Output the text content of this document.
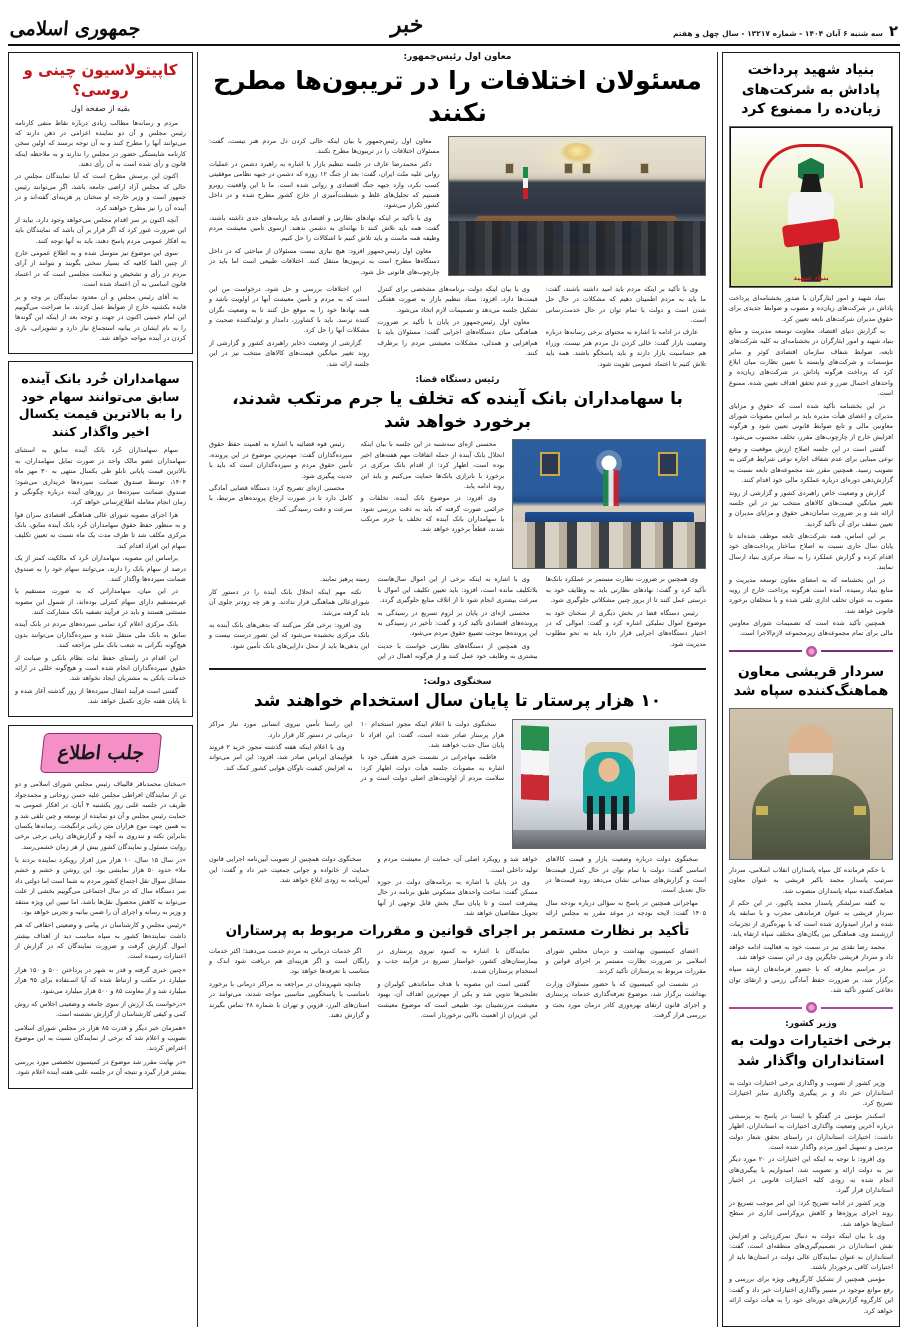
۲
سه شنبه ۶ آبان ۱۴۰۴ - شماره ۱۳۲۱۷ - سال چهل و هفتم
خبر
جمهوری اسلامی
بنیاد شهید پرداخت پاداش به شرکت‌های زیان‌ده را ممنوع کرد
بنیاد شهید

بنیاد شهید و امور ایثارگران با صدور بخشنامه‌ای پرداخت پاداش در شرکت‌های زیان‌ده و مصوب و ضوابط جدیدی برای حقوق مدیران شرکت‌های تابعه تعیین کرد.

به گزارش دنیای اقتصاد، معاونت توسعه مدیریت و منابع بنیاد شهید و امور ایثارگران در بخشنامه‌ای به کلیه شرکت‌های تابعه، ضوابط شفاف سازمان اقتصادی کوثر و سایر مؤسسات و شرکت‌های وابسته با تعیین نظارت میان ابلاغ کرد که پرداخت هرگونه پاداش در شرکت‌های زیان‌ده و واحدهای احتمال ضرر و عدم تحقق اهداف تعیین شده، ممنوع است.

در این بخشنامه تأکید شده است که حقوق و مزایای مدیران و اعضای هیأت مدیره باید بر اساس مصوبات شورای معاونین مالی و تابع ضوابط قانونی تعیین شود و هرگونه افزایش خارج از چارچوب‌های مقرر، تخلف محسوب می‌شود.

گفتنی است در این جلسه اصلاح ارزش موقعیت و وضع نوعی مبنایی برای عدم شفاف اجاره نوعی شرایط فرکتی به تصویب رسید. همچنین مقرر شد مجموعه‌های تابعه نسبت به گزارش‌دهی دوره‌ای درباره عملکرد مالی خود اقدام کنند.

گزارش و وضعیت خاص راهبردی کشور و گزارشی از روند تغییر میانگین قیمت‌های کالاهای منتخب نیز در این جلسه ارائه شد و بر ضرورت سامان‌دهی حقوق و مزایای مدیران و تعیین سقف برای آن تأکید گردید.

بر این اساس، همه شرکت‌های تابعه موظف شده‌اند تا پایان سال جاری نسبت به اصلاح ساختار پرداخت‌های خود اقدام کرده و گزارش عملکرد را به ستاد مرکزی بنیاد ارسال نمایند.

در این بخشنامه که به امضای معاون توسعه مدیریت و منابع بنیاد رسیده، آمده است هرگونه پرداخت خارج از رویه مصوب به عنوان تخلف اداری تلقی شده و با متخلفان برخورد قانونی خواهد شد.

همچنین تأکید شده است که تصمیمات شورای معاونین مالی برای تمام مجموعه‌های زیرمجموعه لازم‌الاجرا است.

سردار قریشی معاون هماهنگ‌کننده سپاه شد

با حکم فرمانده کل سپاه پاسداران انقلاب اسلامی، سردار سرتیپ پاسدار محمد یاکبر قریشی به عنوان معاون هماهنگ‌کننده سپاه پاسداران منصوب شد.

به گفته سرلشکر پاسدار محمد پاکپور، در این حکم از سردار قریشی به عنوان فرماندهی مجرب و با سابقه یاد شده و ابراز امیدواری شده است که با بهره‌گیری از تجربیات ارزشمند وی، هماهنگی بین یگان‌های مختلف سپاه ارتقاء یابد.

محمد رضا نقدی نیز در سمت خود به فعالیت ادامه خواهد داد و سردار قریشی جایگزین وی در این سمت خواهد شد.

در مراسم معارفه که با حضور فرماندهان ارشد سپاه برگزار شد، بر ضرورت حفظ آمادگی رزمی و ارتقای توان دفاعی کشور تأکید شد.

وزیر کشور:
برخی اختیارات دولت به استانداران واگذار شد

وزیر کشور از تصویب و واگذاری برخی اختیارات دولت به استانداران خبر داد و بر پیگیری واگذاری سایر اختیارات تصریح کرد.

اسکندر مؤمنی در گفتگو با ایسنا در پاسخ به پرسشی درباره آخرین وضعیت واگذاری اختیارات به استانداران، اظهار داشت: اختیارات استانداران در راستای تحقق شعار دولت مردمی و تسهیل امور مردم واگذار شده است.

وی افزود: با توجه به اینکه این اختیارات در ۲۰ مورد دیگر نیز به دولت ارائه و تصویب شد، امیدواریم با پیگیری‌های انجام شده به زودی کلیه اختیارات قانونی در اختیار استانداران قرار گیرد.

وزیر کشور در ادامه تصریح کرد: این امر موجب تسریع در روند اجرای پروژه‌ها و کاهش بروکراسی اداری در سطح استان‌ها خواهد شد.

وی با بیان اینکه دولت به دنبال تمرکززدایی و افزایش نقش استانداران در تصمیم‌گیری‌های منطقه‌ای است، گفت: استانداران به عنوان نمایندگان عالی دولت در استان‌ها باید از اختیارات کافی برخوردار باشند.

مؤمنی همچنین از تشکیل کارگروهی ویژه برای بررسی و رفع موانع موجود در مسیر واگذاری اختیارات خبر داد و گفت: این کارگروه گزارش‌های دوره‌ای خود را به هیأت دولت ارائه خواهد کرد.

معاون اول رئیس‌جمهور:
مسئولان اختلافات را در تریبون‌ها مطرح نکنند

معاون اول رئیس‌جمهور با بیان اینکه خالی کردن دل مردم هنر نیست، گفت: مسئولان اختلافات را در تریبون‌ها مطرح نکنند.

دکتر محمدرضا عارف در جلسه تنظیم بازار با اشاره به راهبرد دشمن در عملیات روانی علیه ملت ایران، گفت: بعد از جنگ ۱۲ روزه که دشمن در جبهه نظامی موفقیتی کسب نکرد، وارد جبهه جنگ اقتصادی و روانی شده است. ما با این واقعیت روبرو هستیم که تحلیل‌های غلط و شیطنت‌آمیزی از خارج کشور مطرح شده و در داخل کشور تکرار می‌شود.

وی با تأکید بر اینکه نهادهای نظارتی و اقتصادی باید برنامه‌های جدی داشته باشند، گفت: همه باید تلاش کنند تا بهانه‌ای به دشمن ندهند. ازسوی تأمین معیشت مردم وظیفه همه ماست و باید تلاش کنیم تا اشکالات را حل کنیم.

معاون اول رئیس‌جمهور افزود: هیچ نیازی نیست مسئولان از مباحثی که در داخل دستگاه‌ها مطرح است به تریبون‌ها منتقل کنند. اختلافات طبیعی است اما باید در چارچوب‌های قانونی حل شود.

وی با تأکید بر اینکه مردم باید امید داشته باشند، گفت: ما باید به مردم اطمینان دهیم که مشکلات در حال حل شدن است و دولت با تمام توان در حال خدمت‌رسانی است.

عارف در ادامه با اشاره به محتوای برخی رسانه‌ها درباره وضعیت بازار گفت: خالی کردن دل مردم هنر نیست. وزراء هم حساسیت بازار دارند و باید پاسخگو باشند. همه باید تلاش کنیم تا اعتماد عمومی تقویت شود.

وی با بیان اینکه دولت برنامه‌های مشخصی برای کنترل قیمت‌ها دارد، افزود: ستاد تنظیم بازار به صورت هفتگی تشکیل جلسه می‌دهد و تصمیمات لازم اتخاذ می‌شود.

معاون اول رئیس‌جمهور در پایان با تأکید بر ضرورت هماهنگی میان دستگاه‌های اجرایی گفت: مسئولان باید با هم‌افزایی و همدلی، مشکلات معیشتی مردم را برطرف کنند.

این اختلافات بررسی و حل شود، درخواست من این است که به مردم و تأمین معیشت آنها در اولویت باشد و همه نهادها خود را به موقع حل کنند تا به وضعیت نگران کننده نرسد. باید با کشاورز، دامدار و تولیدکننده صحبت و مشکلات آنها را حل کرد.

گزارشی از وضعیت ذخایر راهبردی کشور و گزارشی از روند تغییر میانگین قیمت‌های کالاهای منتخب نیز در این جلسه ارائه شد.

رئیس دستگاه قضا:
با سهامداران بانک آینده که تخلف یا جرم مرتکب شدند، برخورد خواهد شد

محسنی اژه‌ای سه‌شنبه در این جلسه با بیان اینکه انحلال بانک آینده از جمله اتفاقات مهم هفته‌های اخیر بوده است، اظهار کرد: از اقدام بانک مرکزی در برخورد با ناترازی بانک‌ها حمایت می‌کنیم و باید این روند ادامه یابد.

وی افزود: در موضوع بانک آینده، تخلفات و جرائمی صورت گرفته که باید به دقت بررسی شود. با سهامداران بانک آینده که تخلف یا جرم مرتکب شدند، قطعاً برخورد خواهد شد.

رئیس قوه قضائیه با اشاره به اهمیت حفظ حقوق سپرده‌گذاران گفت: مهم‌ترین موضوع در این پرونده، تأمین حقوق مردم و سپرده‌گذاران است که باید با جدیت پیگیری شود.

محسنی اژه‌ای تصریح کرد: دستگاه قضایی آمادگی کامل دارد تا در صورت ارجاع پرونده‌های مرتبط، با سرعت و دقت رسیدگی کند.

وی همچنین بر ضرورت نظارت مستمر بر عملکرد بانک‌ها تأکید کرد و گفت: نهادهای نظارتی باید به وظایف خود به درستی عمل کنند تا از بروز چنین مشکلاتی جلوگیری شود.

رئیس دستگاه قضا در بخش دیگری از سخنان خود به موضوع اموال تملیکی اشاره کرد و گفت: اموالی که در اختیار دستگاه‌های اجرایی قرار دارد باید به نحو مطلوب مدیریت شود.

وی با اشاره به اینکه برخی از این اموال سال‌هاست بلاتکلیف مانده است، افزود: باید تعیین تکلیف این اموال با سرعت بیشتری انجام شود تا از اتلاف منابع جلوگیری گردد.

محسنی اژه‌ای در پایان بر لزوم تسریع در رسیدگی به پرونده‌های اقتصادی تأکید کرد و گفت: تأخیر در رسیدگی به این پرونده‌ها موجب تضییع حقوق مردم می‌شود.

وی همچنین از دستگاه‌های نظارتی خواست با جدیت بیشتری به وظایف خود عمل کنند و از هرگونه اهمال در این زمینه پرهیز نمایند.

نکته مهم اینکه انحلال بانک آینده را در دستور کار شورای‌عالی هماهنگی قرار ندادند. و هر چه زودتر جلوی آن باید گرفته می‌شد.

وی افزود: برخی فکر می‌کنند که بدهی‌های بانک آینده به بانک مرکزی بخشیده می‌شود که این تصور درست نیست و این بدهی‌ها باید از محل دارایی‌های بانک تأمین شود.

سخنگوی دولت:
۱۰ هزار پرستار تا پایان سال استخدام خواهند شد

سخنگوی دولت با اعلام اینکه مجوز استخدام ۱۰ هزار پرستار صادر شده است، گفت: این افراد تا پایان سال جذب خواهند شد.

فاطمه مهاجرانی در نشست خبری هفتگی خود با اشاره به مصوبات جلسه هیأت دولت اظهار کرد: سلامت مردم از اولویت‌های اصلی دولت است و در این راستا تأمین نیروی انسانی مورد نیاز مراکز درمانی در دستور کار قرار دارد.

وی با اعلام اینکه هفته گذشته مجوز خرید ۲ فروند هواپیمای ایرباس صادر شد، افزود: این امر می‌تواند به افزایش کیفیت ناوگان هوایی کشور کمک کند.

سخنگوی دولت درباره وضعیت بازار و قیمت کالاهای اساسی گفت: دولت با تمام توان در حال کنترل قیمت‌ها است و گزارش‌های میدانی نشان می‌دهد روند قیمت‌ها در حال تعدیل است.

مهاجرانی همچنین در پاسخ به سؤالی درباره بودجه سال ۱۴۰۵ گفت: لایحه بودجه در موعد مقرر به مجلس ارائه خواهد شد و رویکرد اصلی آن، حمایت از معیشت مردم و تولید داخلی است.

وی در پایان با اشاره به برنامه‌های دولت در حوزه مسکن گفت: ساخت واحدهای مسکونی طبق برنامه در حال پیشرفت است و تا پایان سال بخش قابل توجهی از آنها تحویل متقاضیان خواهد شد.

سخنگوی دولت همچنین از تصویب آیین‌نامه اجرایی قانون حمایت از خانواده و جوانی جمعیت خبر داد و گفت: این آیین‌نامه به زودی ابلاغ خواهد شد.

تأکید بر نظارت مستمر بر اجرای قوانین و مقررات مربوط به پرستاران

اعضای کمیسیون بهداشت و درمان مجلس شورای اسلامی بر ضرورت نظارت مستمر بر اجرای قوانین و مقررات مربوط به پرستاران تأکید کردند.

در نشست این کمیسیون که با حضور مسئولان وزارت بهداشت برگزار شد، موضوع تعرفه‌گذاری خدمات پرستاری و اجرای قانون ارتقای بهره‌وری کادر درمان مورد بحث و بررسی قرار گرفت.

نمایندگان با اشاره به کمبود نیروی پرستاری در بیمارستان‌های کشور، خواستار تسریع در فرآیند جذب و استخدام پرستاران شدند.

گفتنی است این مصوبه با هدف ساماندهی کولبران و تعلنجی‌ها تدوین شد و یکی از مهم‌ترین اهداف آن، بهبود معیشت مرزنشینان بود. طبیعی است که موضوع معیشت این عزیزان از اهمیت بالایی برخوردار است.

اگر خدمات درمانی به مردم خدمت می‌دهند؛ اکثر خدمات رایگان است و اگر هزینه‌ای هم دریافت شود اندک و متناسب با تعرفه‌ها خواهد بود.

چنانچه شهروندان در مراجعه به مراکز درمانی با برخورد نامناسب یا پاسخگویی مناسبی مواجه شدند، می‌توانند در استان‌های البرز، قزوین و تهران با شماره ۲۸ تماس بگیرند و گزارش دهند.

کاپیتولاسیون چینی و روسی؟
بقیه از صفحه اول

مردم و رسانه‌ها مطالب زیادی درباره نقاط منفی کارنامه رئیس مجلس و آن دو نماینده اعزامی در ذهن دارند که می‌توانند آنها را مطرح کنند و به آن توجه برسند که اولین سخن کارنامه شایستگی حضور در مجلس را ندارند و به ملاحظه اینکه قانون و رأی شده است به آن رأی دهند.

اکنون این پرسش مطرح است که آیا نمایندگان مجلس در حالی که مجلس آزاد اراضی جامعه باشد، اگر می‌توانند رئیس جمهور است و وزیر خارجه او سخنان پر هزینه‌ای گفته‌اند و در آینده آن را نیز مطرح خواهند کرد.

آنچه اکنون بر سر اقدام مجلس می‌خواهد وجود دارد، نباید از این ضرورت عبور کرد که اگر قرار بر آن باشد که نمایندگان باید به افکار عمومی مردم پاسخ دهند، باید به آنها توجه کنند.

سوی این موضوع نیز متوسل شده و به اطلاع عمومی خارج از چنین الفبا کافیه که بسیار سخنی بگویند و بتوانند از آرای مردم در رأی و تشخیص و سلامت مجلسی است که در اعتماد قانون اساسی به آن اعتماد شده است.

به آقای رئیس مجلس و آن معدود نمایندگان بر وجه و بر فایده بکشنیه خارج از ضوابط عمل کردند، ما صراحت می‌گوییم این امام خمینی اکنون در جهت و توجه بعد از اینکه این گونه‌ها را به نام ایشان در بیانیه استجماع نیاز دارد و تشویزانی، بازی کردن در آینده مواجه خواهد شد.

سهامداران خُرد بانک آینده سابق می‌توانند سهام خود را به بالاترین قیمت یکسال اخیر واگذار کنند

سهام سهامداران خُرد بانک آینده سابق به استثنای سهامداران عضو مالک واحد در صورت تمایل سهامداران، به بالاترین قیمت پایانی تابلو طی یکسال منتهی به ۳۰ مهر ماه ۱۴۰۴، توسط صندوق ضمانت سپرده‌ها خریداری می‌شود؛ صندوق ضمانت سپرده‌ها در روزهای آینده درباره چگونگی و زمان انجام معامله اطلاع‌رسانی خواهد کرد.

هرا اجرای مصوبه شورای عالی هماهنگی اقتصادی سران قوا و به منظور حفظ حقوق سهامداران خُرد بانک آینده سابق، بانک مرکزی مکلف شد تا ظرف مدت یک ماه نسبت به تعیین تکلیف سهام این افراد اقدام کند.

براساس این مصوبه، سهامداران خُرد که مالکیت کمتر از یک درصد از سهام بانک را دارند، می‌توانند سهام خود را به صندوق ضمانت سپرده‌ها واگذار کنند.

در این میان، سهامدارانی که به صورت مستقیم یا غیرمستقیم دارای سهام کنترلی بوده‌اند، از شمول این مصوبه مستثنی هستند و باید در فرآیند تصفیه بانک مشارکت کنند.

بانک مرکزی اعلام کرد تمامی سپرده‌های مردم در بانک آینده سابق به بانک ملی منتقل شده و سپرده‌گذاران می‌توانند بدون هیچ‌گونه نگرانی به شعب بانک ملی مراجعه کنند.

این اقدام در راستای حفظ ثبات نظام بانکی و صیانت از حقوق سپرده‌گذاران انجام شده است و هیچ‌گونه خللی در ارائه خدمات بانکی به مشتریان ایجاد نخواهد شد.

گفتنی است فرآیند انتقال سپرده‌ها از روز گذشته آغاز شده و تا پایان هفته جاری تکمیل خواهد شد.

جلب اطلاع

«سخنان محمدباقر قالیباف رئیس مجلس شورای اسلامی و دو تن از نمایندگان افراطی مجلس علیه حسن روحانی و محمدجواد ظریف در جلسه علنی روز یکشنبه ۴ آبان، در افکار عمومی به حمایت رئیس مجلس و آن دو نماینده از نوسعه و چین تلقی شد و به همین جهت موج هزاران متن زبانی برانگیخت. رسانه‌ها یکسان بنابراین نکته و تندروی به آنچه و گزارش‌های زبانی برخی برخی روایت مسئول و نمایندگان کشور بیش از هر زمان خشمی‌رسد.

«در سال ۱۵ سال، ۱۰ هزار مرز افزار رویکرد نماینده بردند یا ملا» حدود ۵۰ هزار نمایشی بود. این روشن و خشم و خشم مسائل سوال نقل اجتماع کشور مردم به شما است اما دولتی داد سر دستگاه سال که در سال اجتماعی می‌گوییم بخشی از علت می‌تواند به کاهش محصول نقل‌ها باشد، اما تبیین این ویژه منتقد و وزیر به رسانه و اجرای آن را ضمن بیانیه و تجربی خواهد بود.

«رئیس مجلس و کارشناسان در پیامی و وضعیتی احقاقی که هم داشت نماینده‌ها کشور به سپاه مناسب دید از اهداف بیشتر اموال گزارش گرفت و ضرورت نمایندگان که در گزارش از اعتبارات رسیده است.

«چنین خبری گرفته و قدر به شهر در پرداختن ۵۰۰ و ۱۵۰ هزار میلیارد در مکتب و ارتباط شده که آیا اسـتفاده برای ۹۵ هزار میلیارد شد و از معاونت ۸۵ و ۵۰۰ هزار میلیارد می‌شود.

«درخواست یک ارزش از سوی جامعه و وضعیتی اجلاس که روش کمی و کیفی کارشناسان از گزارش نشسته است.

«همزمان خبر دیگر و قدرت ۸۵ هزار در مجلس شورای اسلامی تصویب و اعلام شد که برخی از نمایندگان نسبت به این موضوع اعتراض کردند.

«در نهایت مقرر شد موضوع در کمیسیون تخصصی مورد بررسی بیشتر قرار گیرد و نتیجه آن در جلسه علنی هفته آینده اعلام شود.
